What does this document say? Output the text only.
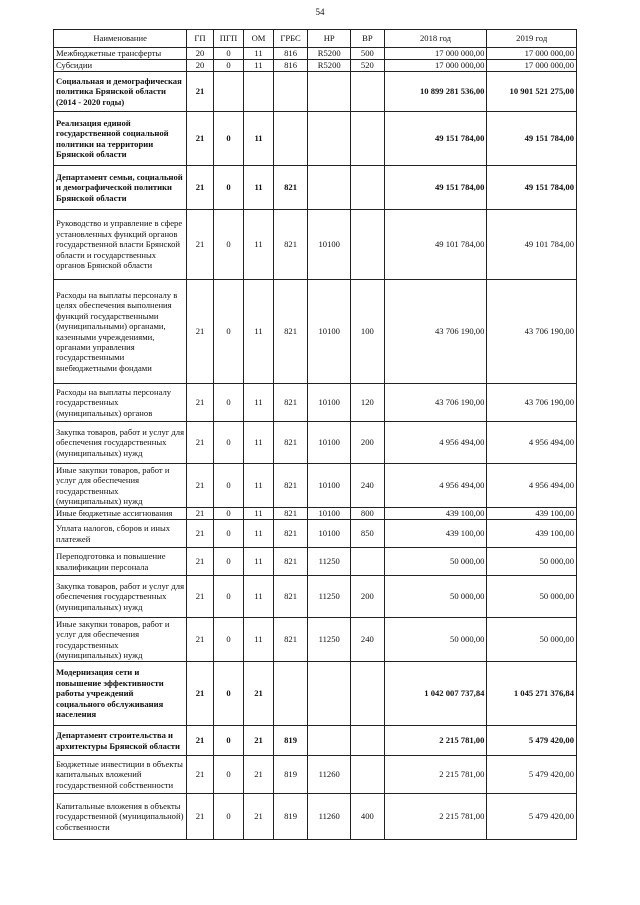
54
Наименование	ГП	ПГП	ОМ	ГРБС	НР	ВР	2018 год	2019 год
Межбюджетные трансферты	20	0	11	816	R5200	500	17 000 000,00	17 000 000,00
Субсидии	20	0	11	816	R5200	520	17 000 000,00	17 000 000,00
Социальная и демографическая политика Брянской области (2014 - 2020 годы)	21						10 899 281 536,00	10 901 521 275,00
Реализация единой государственной социальной политики на территории Брянской области	21	0	11				49 151 784,00	49 151 784,00
Департамент семьи, социальной и демографической политики Брянской области	21	0	11	821			49 151 784,00	49 151 784,00
Руководство и управление в сфере установленных функций органов государственной власти Брянской области и государственных органов Брянской области	21	0	11	821	10100		49 101 784,00	49 101 784,00
Расходы на выплаты персоналу в целях обеспечения выполнения функций государственными (муниципальными) органами, казенными учреждениями, органами управления государственными внебюджетными фондами	21	0	11	821	10100	100	43 706 190,00	43 706 190,00
Расходы на выплаты персоналу государственных (муниципальных) органов	21	0	11	821	10100	120	43 706 190,00	43 706 190,00
Закупка товаров, работ и услуг для обеспечения государственных (муниципальных) нужд	21	0	11	821	10100	200	4 956 494,00	4 956 494,00
Иные закупки товаров, работ и услуг для обеспечения государственных (муниципальных) нужд	21	0	11	821	10100	240	4 956 494,00	4 956 494,00
Иные бюджетные ассигнования	21	0	11	821	10100	800	439 100,00	439 100,00
Уплата налогов, сборов и иных платежей	21	0	11	821	10100	850	439 100,00	439 100,00
Переподготовка и повышение квалификации персонала	21	0	11	821	11250		50 000,00	50 000,00
Закупка товаров, работ и услуг для обеспечения государственных (муниципальных) нужд	21	0	11	821	11250	200	50 000,00	50 000,00
Иные закупки товаров, работ и услуг для обеспечения государственных (муниципальных) нужд	21	0	11	821	11250	240	50 000,00	50 000,00
Модернизация сети и повышение эффективности работы учреждений социального обслуживания населения	21	0	21				1 042 007 737,84	1 045 271 376,84
Департамент строительства и архитектуры Брянской области	21	0	21	819			2 215 781,00	5 479 420,00
Бюджетные инвестиции в объекты капитальных вложений государственной собственности	21	0	21	819	11260		2 215 781,00	5 479 420,00
Капитальные вложения в объекты государственной (муниципальной) собственности	21	0	21	819	11260	400	2 215 781,00	5 479 420,00
